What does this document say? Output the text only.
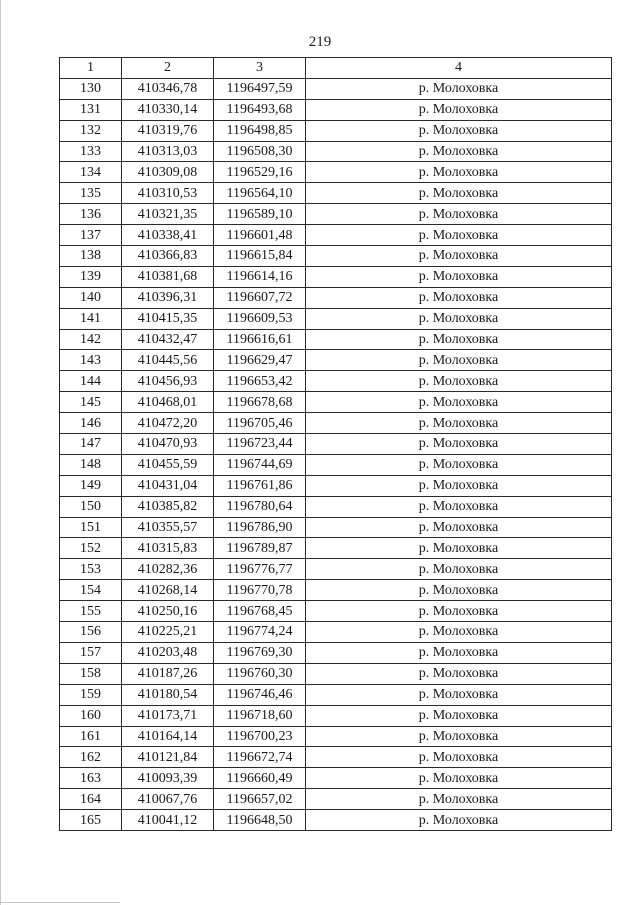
219
1	2	3	4
130	410346,78	1196497,59	р. Молоховка
131	410330,14	1196493,68	р. Молоховка
132	410319,76	1196498,85	р. Молоховка
133	410313,03	1196508,30	р. Молоховка
134	410309,08	1196529,16	р. Молоховка
135	410310,53	1196564,10	р. Молоховка
136	410321,35	1196589,10	р. Молоховка
137	410338,41	1196601,48	р. Молоховка
138	410366,83	1196615,84	р. Молоховка
139	410381,68	1196614,16	р. Молоховка
140	410396,31	1196607,72	р. Молоховка
141	410415,35	1196609,53	р. Молоховка
142	410432,47	1196616,61	р. Молоховка
143	410445,56	1196629,47	р. Молоховка
144	410456,93	1196653,42	р. Молоховка
145	410468,01	1196678,68	р. Молоховка
146	410472,20	1196705,46	р. Молоховка
147	410470,93	1196723,44	р. Молоховка
148	410455,59	1196744,69	р. Молоховка
149	410431,04	1196761,86	р. Молоховка
150	410385,82	1196780,64	р. Молоховка
151	410355,57	1196786,90	р. Молоховка
152	410315,83	1196789,87	р. Молоховка
153	410282,36	1196776,77	р. Молоховка
154	410268,14	1196770,78	р. Молоховка
155	410250,16	1196768,45	р. Молоховка
156	410225,21	1196774,24	р. Молоховка
157	410203,48	1196769,30	р. Молоховка
158	410187,26	1196760,30	р. Молоховка
159	410180,54	1196746,46	р. Молоховка
160	410173,71	1196718,60	р. Молоховка
161	410164,14	1196700,23	р. Молоховка
162	410121,84	1196672,74	р. Молоховка
163	410093,39	1196660,49	р. Молоховка
164	410067,76	1196657,02	р. Молоховка
165	410041,12	1196648,50	р. Молоховка
